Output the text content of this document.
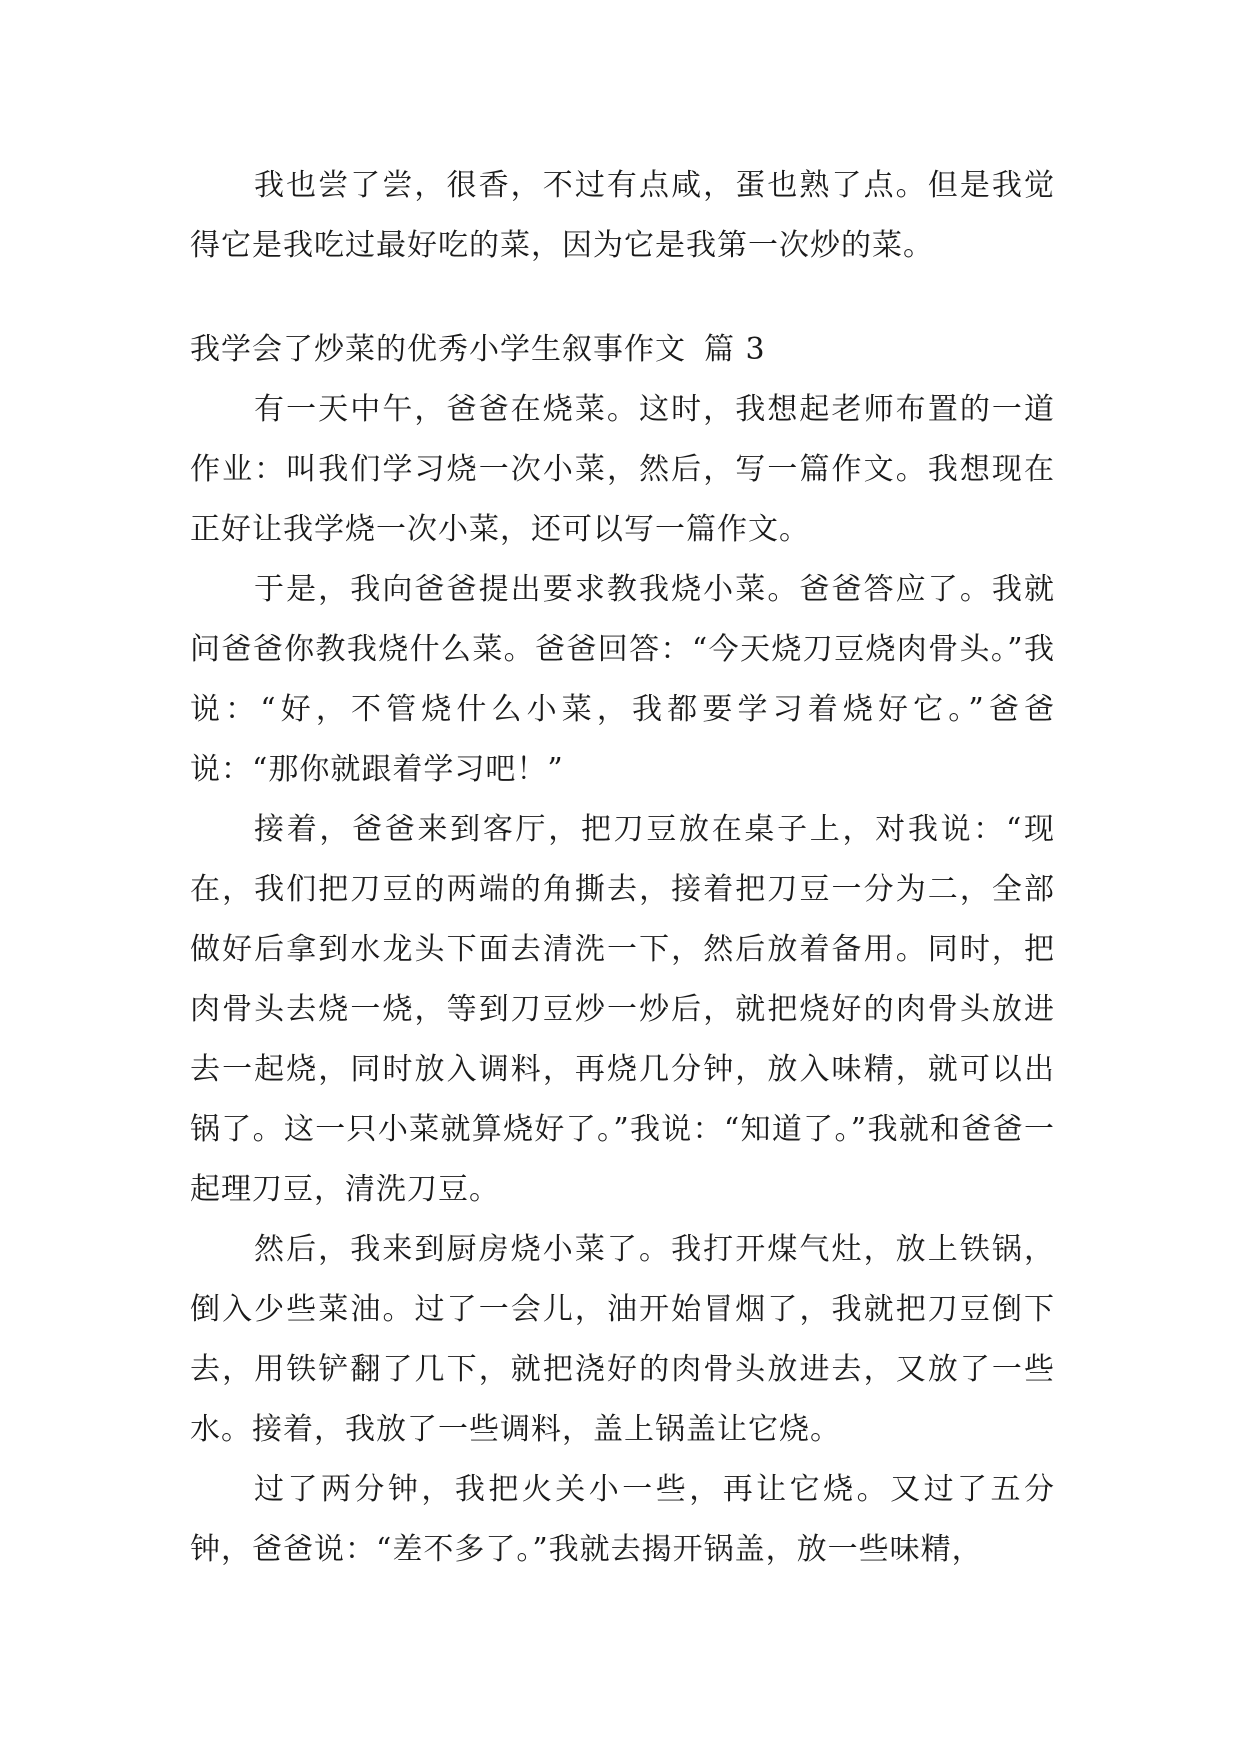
我也尝了尝，很香，不过有点咸，蛋也熟了点。但是我觉得它是我吃过最好吃的菜，因为它是我第一次炒的菜。

我学会了炒菜的优秀小学生叙事作文 篇 3

有一天中午，爸爸在烧菜。这时，我想起老师布置的一道作业：叫我们学习烧一次小菜，然后，写一篇作文。我想现在正好让我学烧一次小菜，还可以写一篇作文。

于是，我向爸爸提出要求教我烧小菜。爸爸答应了。我就问爸爸你教我烧什么菜。爸爸回答：“今天烧刀豆烧肉骨头。”我说：“好，不管烧什么小菜，我都要学习着烧好它。”爸爸说：“那你就跟着学习吧！”

接着，爸爸来到客厅，把刀豆放在桌子上，对我说：“现在，我们把刀豆的两端的角撕去，接着把刀豆一分为二，全部做好后拿到水龙头下面去清洗一下，然后放着备用。同时，把肉骨头去烧一烧，等到刀豆炒一炒后，就把烧好的肉骨头放进去一起烧，同时放入调料，再烧几分钟，放入味精，就可以出锅了。这一只小菜就算烧好了。”我说：“知道了。”我就和爸爸一起理刀豆，清洗刀豆。

然后，我来到厨房烧小菜了。我打开煤气灶，放上铁锅，倒入少些菜油。过了一会儿，油开始冒烟了，我就把刀豆倒下去，用铁铲翻了几下，就把浇好的肉骨头放进去，又放了一些水。接着，我放了一些调料，盖上锅盖让它烧。

过了两分钟，我把火关小一些，再让它烧。又过了五分钟，爸爸说：“差不多了。”我就去揭开锅盖，放一些味精，
